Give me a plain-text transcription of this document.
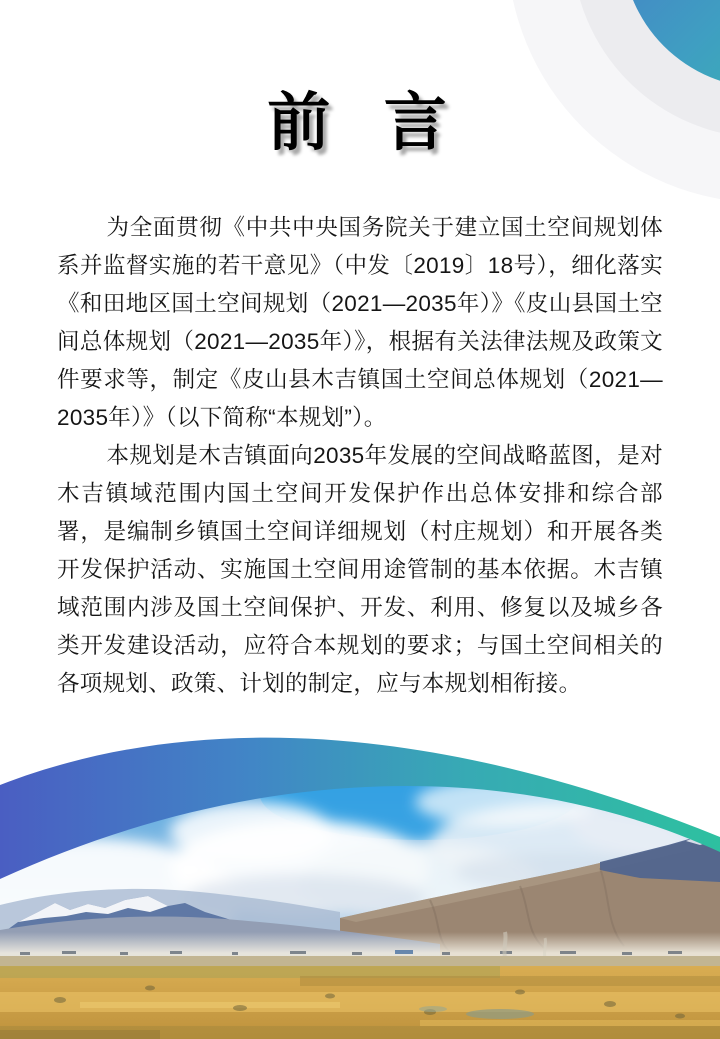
前 言

为全面贯彻《中共中央国务院关于建立国土空间规划体系并监督实施的若干意见》（中发〔2019〕18号），细化落实《和田地区国土空间规划（2021—2035年）》《皮山县国土空间总体规划（2021—2035年）》，根据有关法律法规及政策文件要求等，制定《皮山县木吉镇国土空间总体规划（2021—2035年）》（以下简称“本规划”）。

本规划是木吉镇面向2035年发展的空间战略蓝图，是对木吉镇域范围内国土空间开发保护作出总体安排和综合部署，是编制乡镇国土空间详细规划（村庄规划）和开展各类开发保护活动、实施国土空间用途管制的基本依据。木吉镇域范围内涉及国土空间保护、开发、利用、修复以及城乡各类开发建设活动，应符合本规划的要求；与国土空间相关的各项规划、政策、计划的制定，应与本规划相衔接。
